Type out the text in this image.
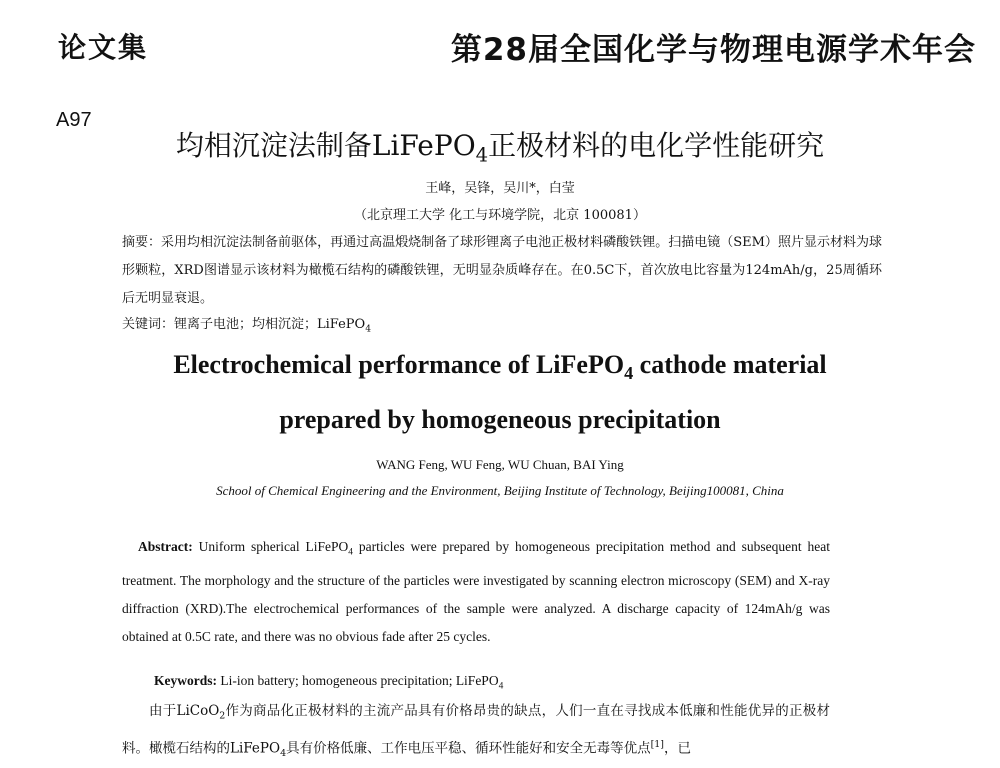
论文集	第28届全国化学与物理电源学术年会
A97
均相沉淀法制备LiFePO$_4$正极材料的电化学性能研究
王峰，吴锋，吴川*，白莹
（北京理工大学 化工与环境学院，北京 100081）
摘要：采用均相沉淀法制备前驱体，再通过高温煅烧制备了球形锂离子电池正极材料磷酸铁锂。扫描电镜（SEM）照片显示材料为球形颗粒，XRD图谱显示该材料为橄榄石结构的磷酸铁锂，无明显杂质峰存在。在0.5C下，首次放电比容量为124mAh/g，25周循环后无明显衰退。
关键词：锂离子电池；均相沉淀；LiFePO$_4$
Electrochemical performance of LiFePO$_4$ cathode material
prepared by homogeneous precipitation
WANG Feng, WU Feng, WU Chuan, BAI Ying
School of Chemical Engineering and the Environment, Beijing Institute of Technology, Beijing100081, China
Abstract: Uniform spherical LiFePO$_4$ particles were prepared by homogeneous precipitation method and subsequent heat treatment. The morphology and the structure of the particles were investigated by scanning electron microscopy (SEM) and X-ray diffraction (XRD).The electrochemical performances of the sample were analyzed. A discharge capacity of 124mAh/g was obtained at 0.5C rate, and there was no obvious fade after 25 cycles.
Keywords: Li-ion battery; homogeneous precipitation; LiFePO$_4$
由于LiCoO$_2$作为商品化正极材料的主流产品具有价格昂贵的缺点，人们一直在寻找成本低廉和性能优异的正极材料。橄榄石结构的LiFePO$_4$具有价格低廉、工作电压平稳、循环性能好和安全无毒等优点[1]，已
